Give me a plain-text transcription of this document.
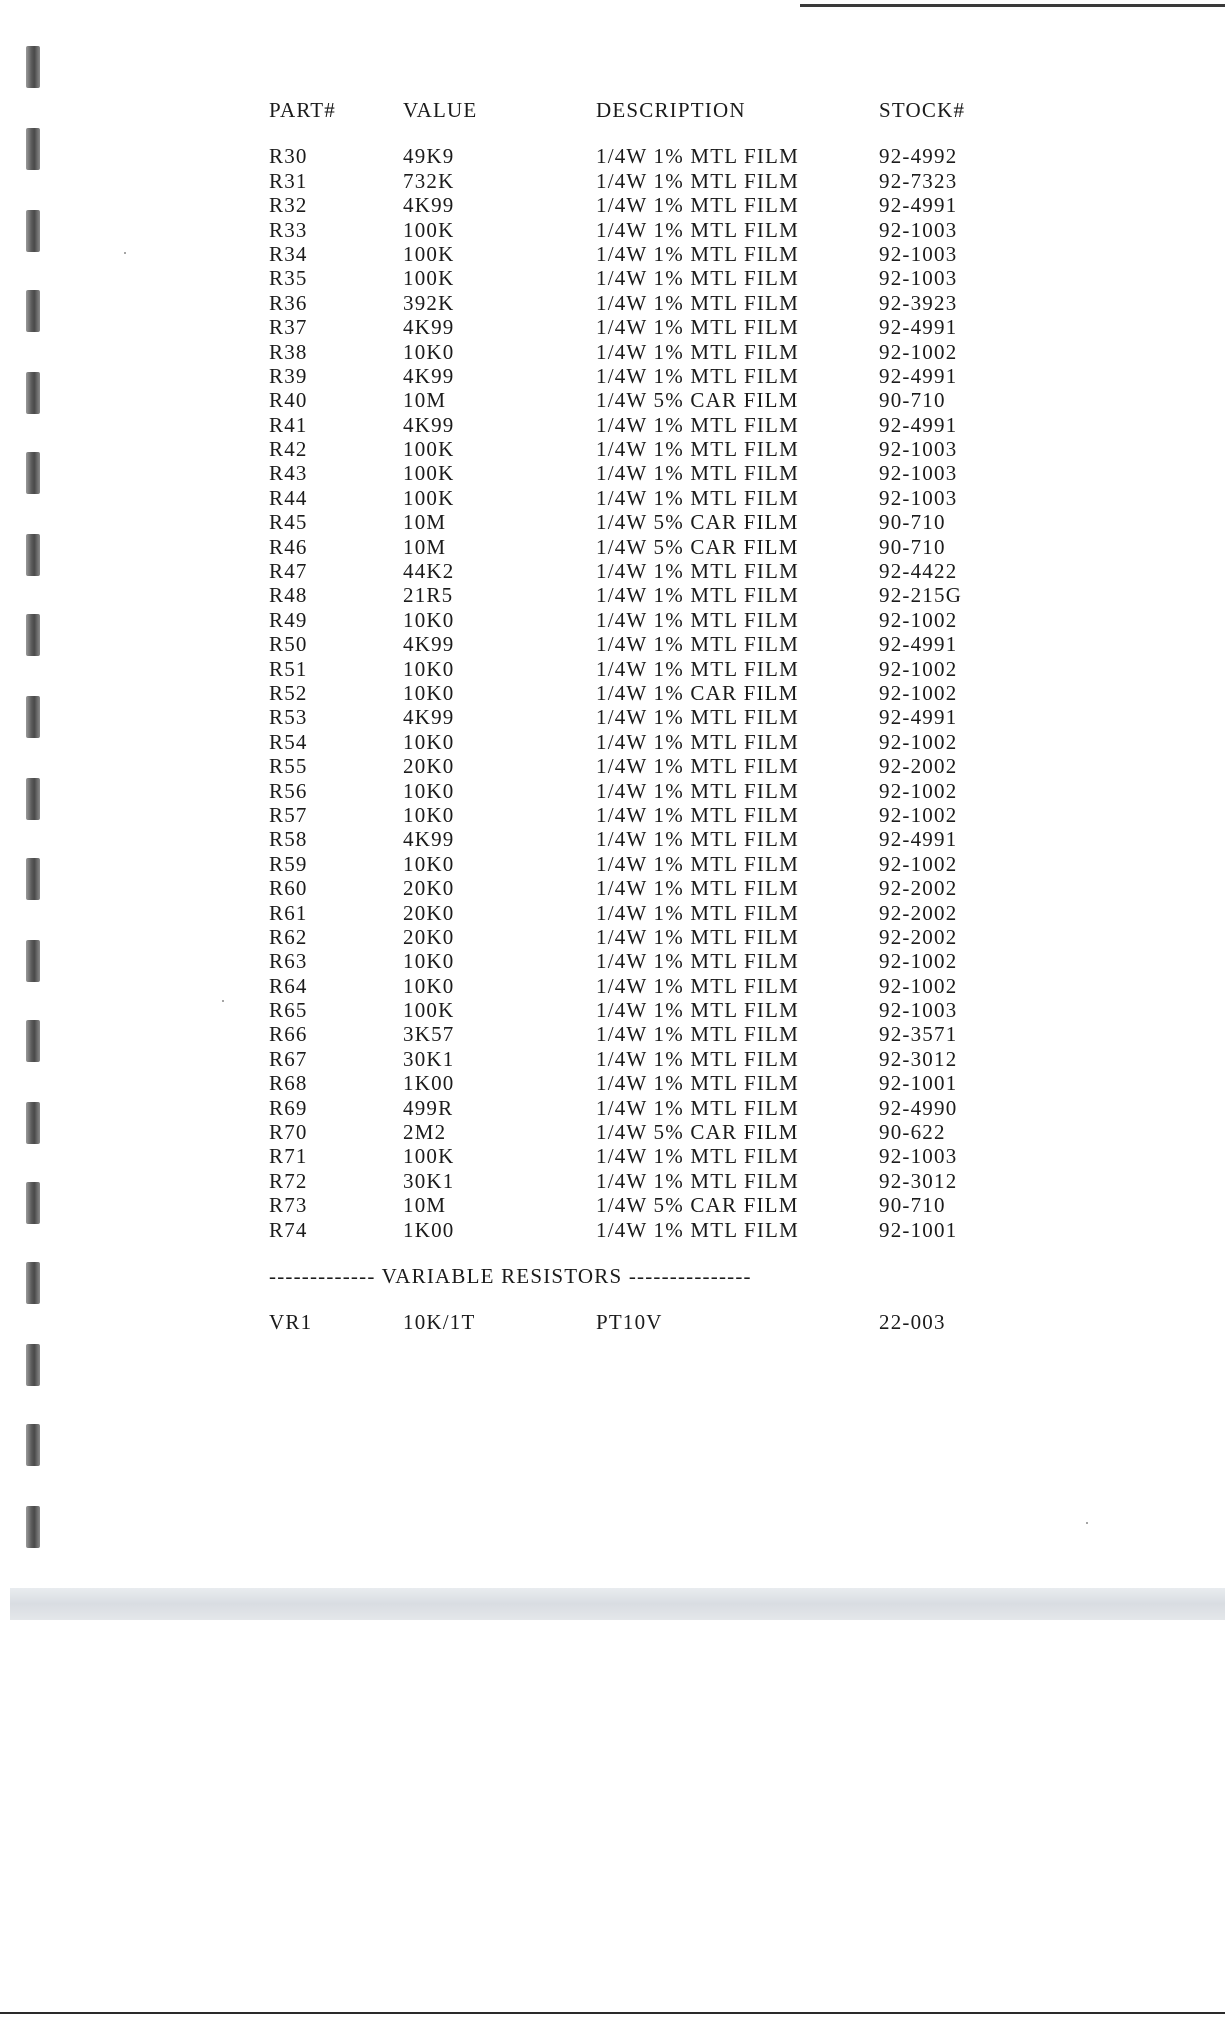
PART#	VALUE	DESCRIPTION	STOCK#
R30	49K9	1/4W 1% MTL FILM	92-4992
R31	732K	1/4W 1% MTL FILM	92-7323
R32	4K99	1/4W 1% MTL FILM	92-4991
R33	100K	1/4W 1% MTL FILM	92-1003
R34	100K	1/4W 1% MTL FILM	92-1003
R35	100K	1/4W 1% MTL FILM	92-1003
R36	392K	1/4W 1% MTL FILM	92-3923
R37	4K99	1/4W 1% MTL FILM	92-4991
R38	10K0	1/4W 1% MTL FILM	92-1002
R39	4K99	1/4W 1% MTL FILM	92-4991
R40	10M	1/4W 5% CAR FILM	90-710
R41	4K99	1/4W 1% MTL FILM	92-4991
R42	100K	1/4W 1% MTL FILM	92-1003
R43	100K	1/4W 1% MTL FILM	92-1003
R44	100K	1/4W 1% MTL FILM	92-1003
R45	10M	1/4W 5% CAR FILM	90-710
R46	10M	1/4W 5% CAR FILM	90-710
R47	44K2	1/4W 1% MTL FILM	92-4422
R48	21R5	1/4W 1% MTL FILM	92-215G
R49	10K0	1/4W 1% MTL FILM	92-1002
R50	4K99	1/4W 1% MTL FILM	92-4991
R51	10K0	1/4W 1% MTL FILM	92-1002
R52	10K0	1/4W 1% CAR FILM	92-1002
R53	4K99	1/4W 1% MTL FILM	92-4991
R54	10K0	1/4W 1% MTL FILM	92-1002
R55	20K0	1/4W 1% MTL FILM	92-2002
R56	10K0	1/4W 1% MTL FILM	92-1002
R57	10K0	1/4W 1% MTL FILM	92-1002
R58	4K99	1/4W 1% MTL FILM	92-4991
R59	10K0	1/4W 1% MTL FILM	92-1002
R60	20K0	1/4W 1% MTL FILM	92-2002
R61	20K0	1/4W 1% MTL FILM	92-2002
R62	20K0	1/4W 1% MTL FILM	92-2002
R63	10K0	1/4W 1% MTL FILM	92-1002
R64	10K0	1/4W 1% MTL FILM	92-1002
R65	100K	1/4W 1% MTL FILM	92-1003
R66	3K57	1/4W 1% MTL FILM	92-3571
R67	30K1	1/4W 1% MTL FILM	92-3012
R68	1K00	1/4W 1% MTL FILM	92-1001
R69	499R	1/4W 1% MTL FILM	92-4990
R70	2M2	1/4W 5% CAR FILM	90-622
R71	100K	1/4W 1% MTL FILM	92-1003
R72	30K1	1/4W 1% MTL FILM	92-3012
R73	10M	1/4W 5% CAR FILM	90-710
R74	1K00	1/4W 1% MTL FILM	92-1001
------------- VARIABLE RESISTORS ---------------
VR1	10K/1T	PT10V	22-003
